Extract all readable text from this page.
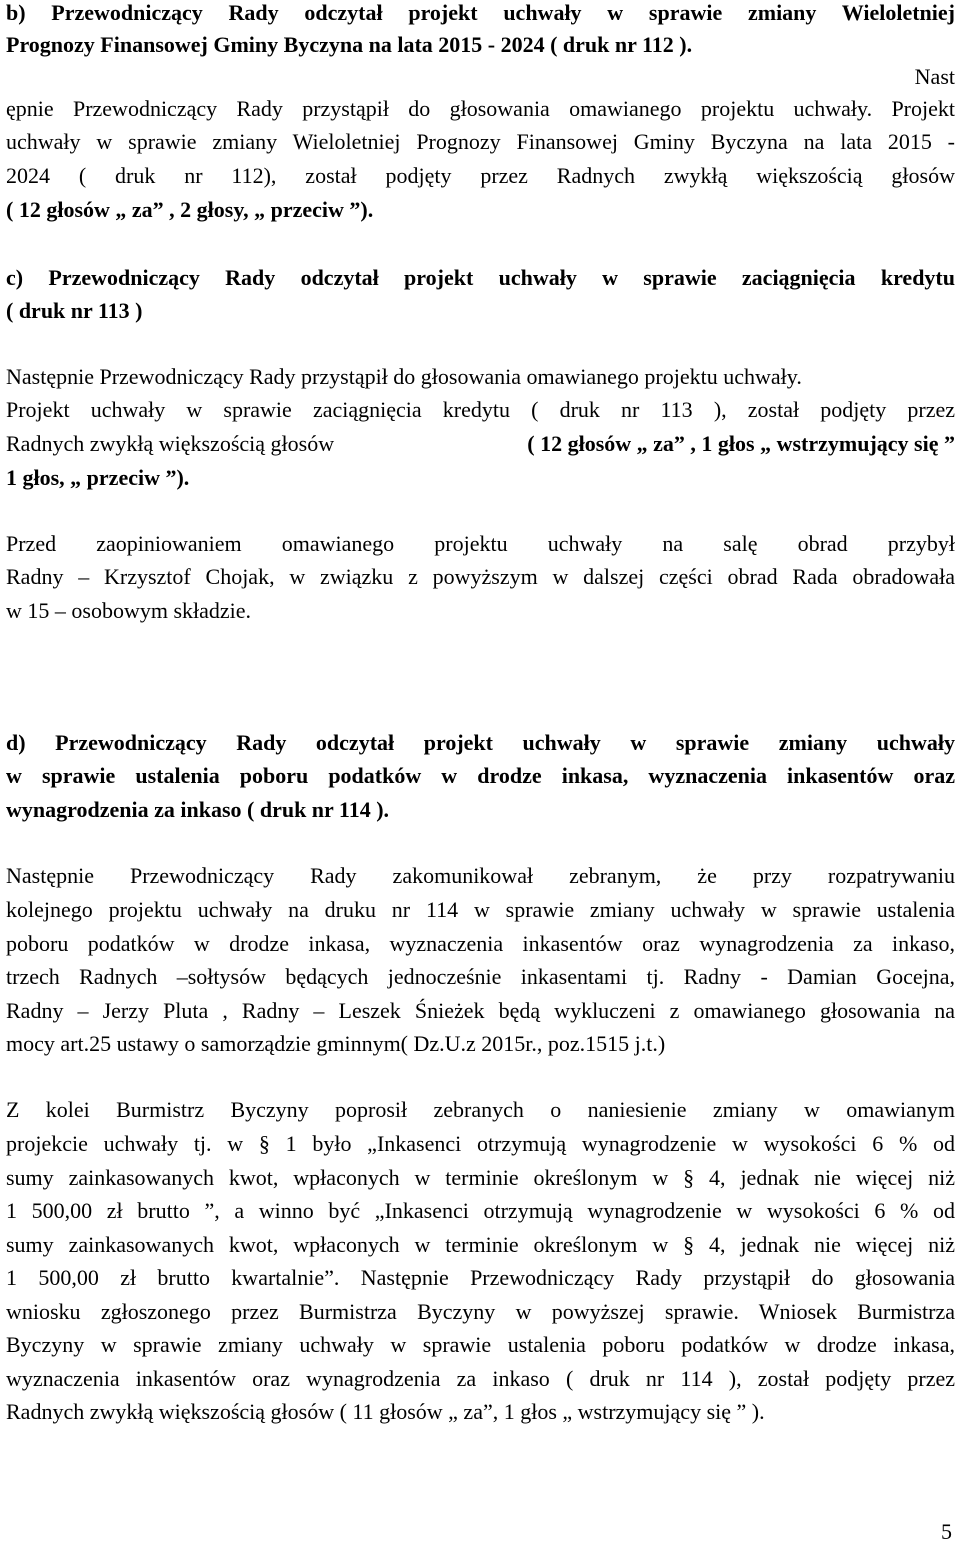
b) Przewodniczący Rady odczytał projekt uchwały w sprawie zmiany Wieloletniej
Prognozy Finansowej Gminy Byczyna na lata 2015 - 2024 ( druk nr 112 ).
Nast
ępnie Przewodniczący Rady przystąpił do głosowania omawianego projektu uchwały. Projekt
uchwały w sprawie zmiany Wieloletniej Prognozy Finansowej Gminy Byczyna na lata 2015 -
2024 ( druk nr 112), został podjęty przez Radnych zwykłą większością głosów
( 12 głosów „ za” , 2 głosy, „ przeciw ”).
c) Przewodniczący Rady odczytał projekt uchwały w sprawie zaciągnięcia kredytu
( druk nr 113 )
Następnie Przewodniczący Rady przystąpił do głosowania omawianego projektu uchwały.
Projekt uchwały w sprawie zaciągnięcia kredytu ( druk nr 113 ), został podjęty przez
Radnych zwykłą większością głosów	( 12 głosów „ za” , 1 głos „ wstrzymujący się ”
1 głos, „ przeciw ”).
Przed zaopiniowaniem omawianego projektu uchwały na salę obrad przybył
Radny – Krzysztof Chojak, w związku z powyższym w dalszej części obrad Rada obradowała
w 15 – osobowym składzie.
d) Przewodniczący Rady odczytał projekt uchwały w sprawie zmiany uchwały
w sprawie ustalenia poboru podatków w drodze inkasa, wyznaczenia inkasentów oraz
wynagrodzenia za inkaso ( druk nr 114 ).
Następnie Przewodniczący Rady zakomunikował zebranym, że przy rozpatrywaniu
kolejnego projektu uchwały na druku nr 114 w sprawie zmiany uchwały w sprawie ustalenia
poboru podatków w drodze inkasa, wyznaczenia inkasentów oraz wynagrodzenia za inkaso,
trzech Radnych –sołtysów będących jednocześnie inkasentami tj. Radny - Damian Gocejna,
Radny – Jerzy Pluta , Radny – Leszek Śnieżek będą wykluczeni z omawianego głosowania na
mocy art.25 ustawy o samorządzie gminnym( Dz.U.z 2015r., poz.1515 j.t.)
Z kolei Burmistrz Byczyny poprosił zebranych o naniesienie zmiany w omawianym
projekcie uchwały tj. w § 1 było „Inkasenci otrzymują wynagrodzenie w wysokości 6 % od
sumy zainkasowanych kwot, wpłaconych w terminie określonym w § 4, jednak nie więcej niż
1 500,00 zł brutto ”, a winno być „Inkasenci otrzymują wynagrodzenie w wysokości 6 % od
sumy zainkasowanych kwot, wpłaconych w terminie określonym w § 4, jednak nie więcej niż
1 500,00 zł brutto kwartalnie”. Następnie Przewodniczący Rady przystąpił do głosowania
wniosku zgłoszonego przez Burmistrza Byczyny w powyższej sprawie. Wniosek Burmistrza
Byczyny w sprawie zmiany uchwały w sprawie ustalenia poboru podatków w drodze inkasa,
wyznaczenia inkasentów oraz wynagrodzenia za inkaso ( druk nr 114 ), został podjęty przez
Radnych zwykłą większością głosów ( 11 głosów „ za”, 1 głos „ wstrzymujący się ” ).
5
